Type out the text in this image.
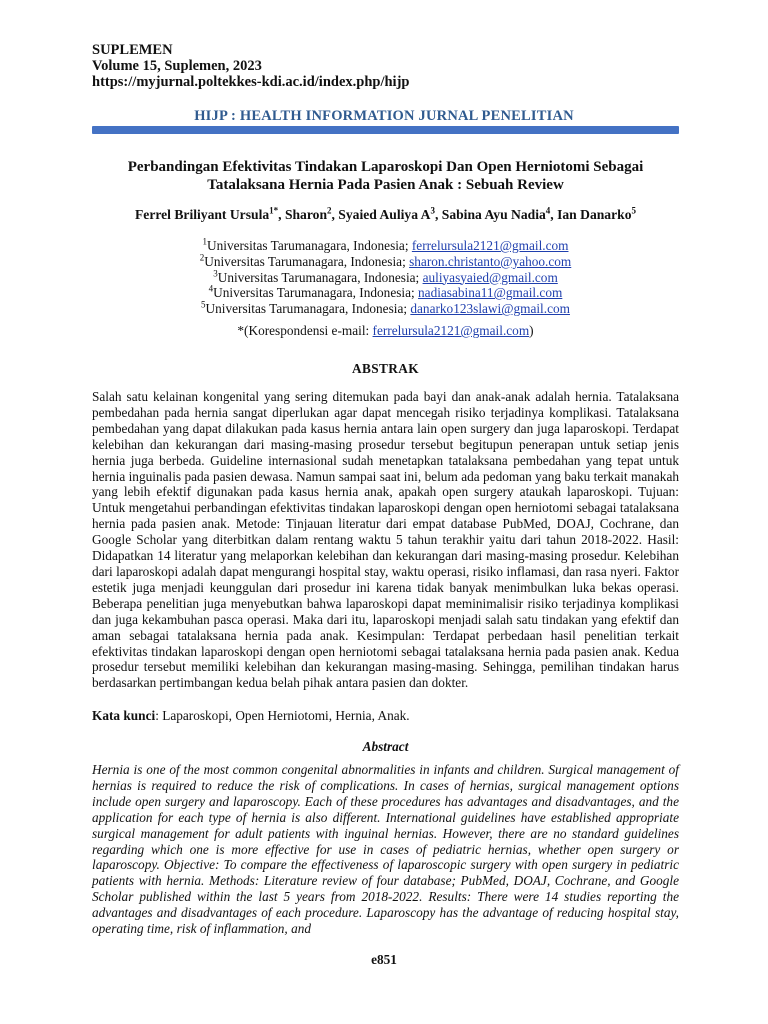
SUPLEMEN
Volume 15, Suplemen, 2023
https://myjurnal.poltekkes-kdi.ac.id/index.php/hijp
HIJP : HEALTH INFORMATION JURNAL PENELITIAN
Perbandingan Efektivitas Tindakan Laparoskopi Dan Open Herniotomi Sebagai
Tatalaksana Hernia Pada Pasien Anak : Sebuah Review
Ferrel Briliyant Ursula$^{1*}$, Sharon$^2$, Syaied Auliya $A^3$, Sabina Ayu Nadia$^4$, Ian Danarko$^5$
$^1$Universitas Tarumanagara, Indonesia; ferrelursula2121@gmail.com
$^2$Universitas Tarumanagara, Indonesia; sharon.christanto@yahoo.com
$^3$Universitas Tarumanagara, Indonesia; auliyasyaied@gmail.com
$^4$Universitas Tarumanagara, Indonesia; nadiasabina11@gmail.com
$^5$Universitas Tarumanagara, Indonesia; danarko123slawi@gmail.com
*(Korespondensi e-mail: ferrelursula2121@gmail.com)
ABSTRAK
Salah satu kelainan kongenital yang sering ditemukan pada bayi dan anak-anak adalah hernia. Tatalaksana pembedahan pada hernia sangat diperlukan agar dapat mencegah risiko terjadinya komplikasi. Tatalaksana pembedahan yang dapat dilakukan pada kasus hernia antara lain open surgery dan juga laparoskopi. Terdapat kelebihan dan kekurangan dari masing-masing prosedur tersebut begitupun penerapan untuk setiap jenis hernia juga berbeda. Guideline internasional sudah menetapkan tatalaksana pembedahan yang tepat untuk hernia inguinalis pada pasien dewasa. Namun sampai saat ini, belum ada pedoman yang baku terkait manakah yang lebih efektif digunakan pada kasus hernia anak, apakah open surgery ataukah laparoskopi. Tujuan: Untuk mengetahui perbandingan efektivitas tindakan laparoskopi dengan open herniotomi sebagai tatalaksana hernia pada pasien anak. Metode: Tinjauan literatur dari empat database PubMed, DOAJ, Cochrane, dan Google Scholar yang diterbitkan dalam rentang waktu 5 tahun terakhir yaitu dari tahun 2018-2022. Hasil: Didapatkan 14 literatur yang melaporkan kelebihan dan kekurangan dari masing-masing prosedur. Kelebihan dari laparoskopi adalah dapat mengurangi hospital stay, waktu operasi, risiko inflamasi, dan rasa nyeri. Faktor estetik juga menjadi keunggulan dari prosedur ini karena tidak banyak menimbulkan luka bekas operasi. Beberapa penelitian juga menyebutkan bahwa laparoskopi dapat meminimalisir risiko terjadinya komplikasi dan juga kekambuhan pasca operasi. Maka dari itu, laparoskopi menjadi salah satu tindakan yang efektif dan aman sebagai tatalaksana hernia pada anak. Kesimpulan: Terdapat perbedaan hasil penelitian terkait efektivitas tindakan laparoskopi dengan open herniotomi sebagai tatalaksana hernia pada pasien anak. Kedua prosedur tersebut memiliki kelebihan dan kekurangan masing-masing. Sehingga, pemilihan tindakan harus berdasarkan pertimbangan kedua belah pihak antara pasien dan dokter.
Kata kunci: Laparoskopi, Open Herniotomi, Hernia, Anak.
Abstract
Hernia is one of the most common congenital abnormalities in infants and children. Surgical management of hernias is required to reduce the risk of complications. In cases of hernias, surgical management options include open surgery and laparoscopy. Each of these procedures has advantages and disadvantages, and the application for each type of hernia is also different. International guidelines have established appropriate surgical management for adult patients with inguinal hernias. However, there are no standard guidelines regarding which one is more effective for use in cases of pediatric hernias, whether open surgery or laparoscopy. Objective: To compare the effectiveness of laparoscopic surgery with open surgery in pediatric patients with hernia. Methods: Literature review of four database; PubMed, DOAJ, Cochrane, and Google Scholar published within the last 5 years from 2018-2022. Results: There were 14 studies reporting the advantages and disadvantages of each procedure. Laparoscopy has the advantage of reducing hospital stay, operating time, risk of inflammation, and
e851
